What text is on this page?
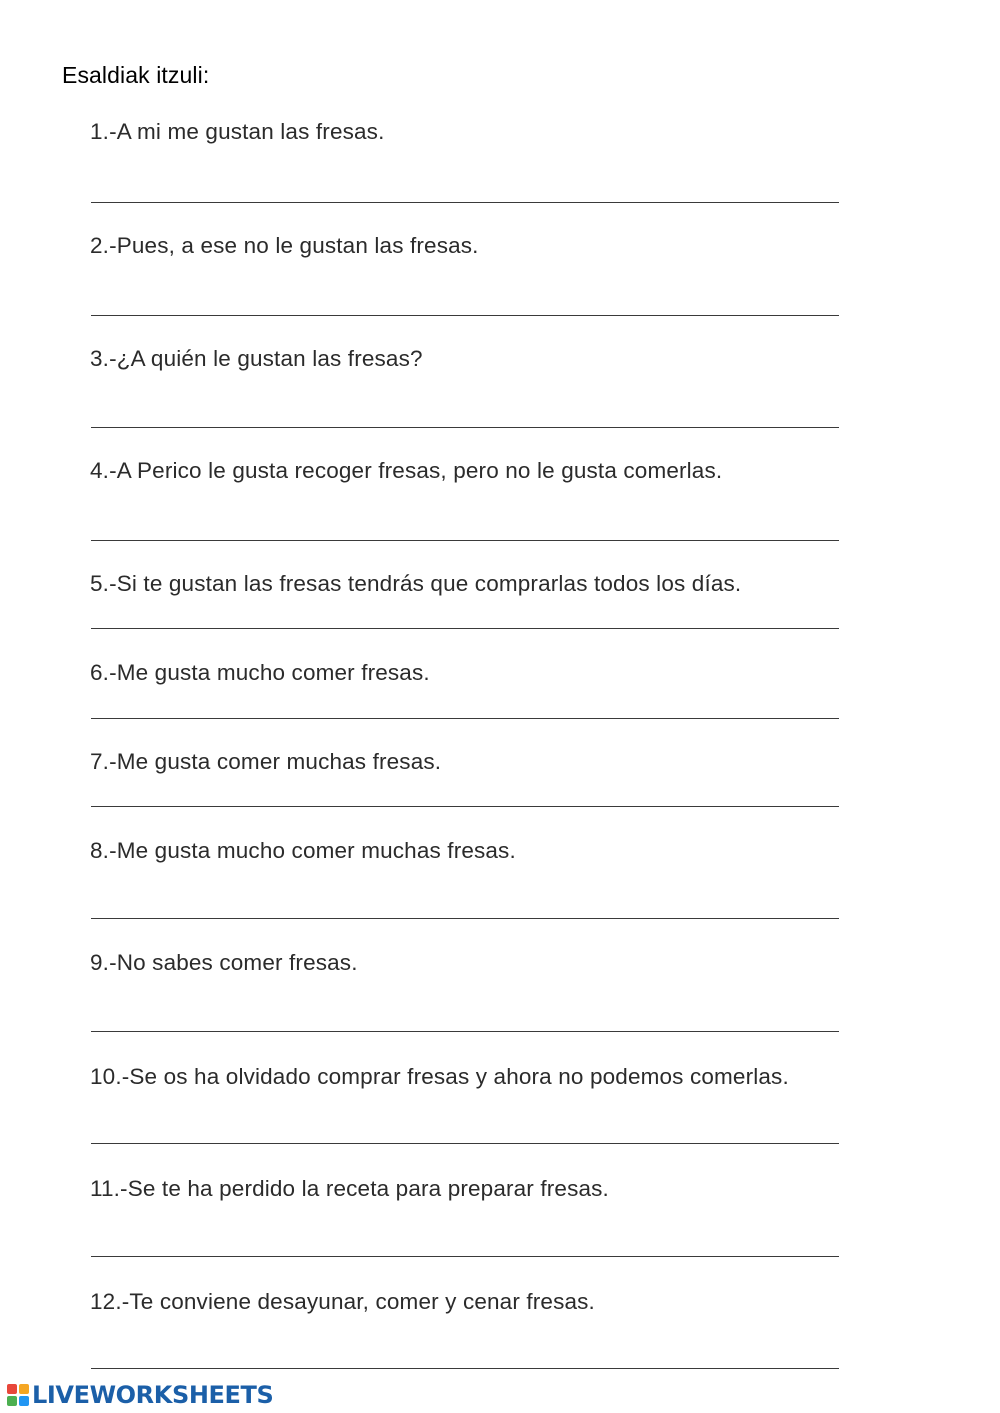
Esaldiak itzuli:
1.-A mi me gustan las fresas.
2.-Pues, a ese no le gustan las fresas.
3.-¿A quién le gustan las fresas?
4.-A Perico le gusta recoger fresas, pero no le gusta comerlas.
5.-Si te gustan las fresas tendrás que comprarlas todos los días.
6.-Me gusta mucho comer fresas.
7.-Me gusta comer muchas fresas.
8.-Me gusta mucho comer muchas fresas.
9.-No sabes comer fresas.
10.-Se os ha olvidado comprar fresas y ahora no podemos comerlas.
11.-Se te ha perdido la receta para preparar fresas.
12.-Te conviene desayunar, comer y cenar fresas.
LIVEWORKSHEETS
